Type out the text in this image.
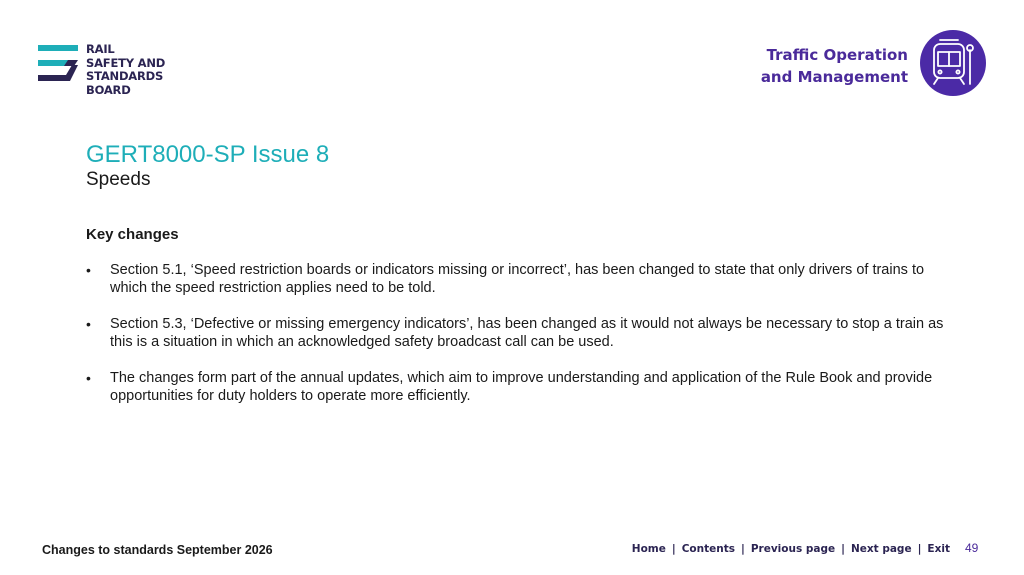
RAIL
SAFETY AND
STANDARDS
BOARD
Traffic Operation
and Management
GERT8000-SP Issue 8
Speeds
Key changes
• Section 5.1, ‘Speed restriction boards or indicators missing or incorrect’, has been changed to state that only drivers of trains to which the speed restriction applies need to be told.
• Section 5.3, ‘Defective or missing emergency indicators’, has been changed as it would not always be necessary to stop a train as this is a situation in which an acknowledged safety broadcast call can be used.
• The changes form part of the annual updates, which aim to improve understanding and application of the Rule Book and provide opportunities for duty holders to operate more efficiently.
Changes to standards September 2026	Home | Contents | Previous page | Next page | Exit 49
